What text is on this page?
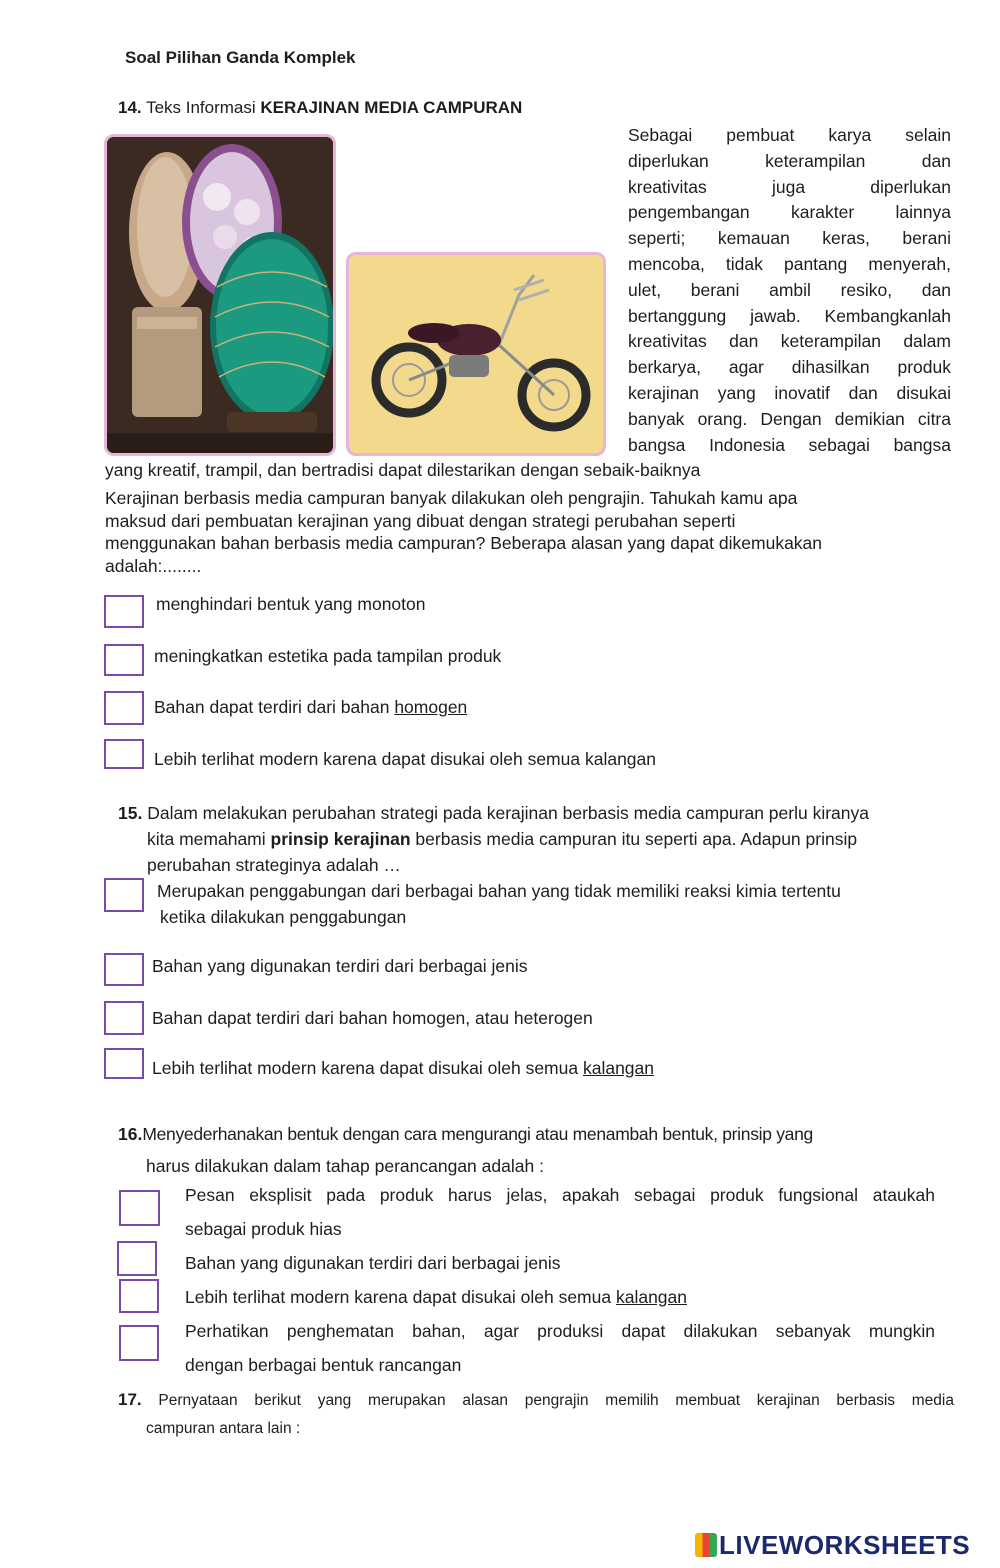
Soal Pilihan Ganda Komplek
14. Teks Informasi KERAJINAN MEDIA CAMPURAN
Sebagai pembuat karya selain
diperlukan keterampilan dan
kreativitas juga diperlukan
pengembangan karakter lainnya
seperti; kemauan keras, berani
mencoba, tidak pantang menyerah,
ulet, berani ambil resiko, dan
bertanggung jawab. Kembangkanlah
kreativitas dan keterampilan dalam
berkarya, agar dihasilkan produk
kerajinan yang inovatif dan disukai
banyak orang. Dengan demikian citra
bangsa Indonesia sebagai bangsa
yang kreatif, trampil, dan bertradisi dapat dilestarikan dengan sebaik-baiknya
Kerajinan berbasis media campuran banyak dilakukan oleh pengrajin. Tahukah kamu apa
maksud dari pembuatan kerajinan yang dibuat dengan strategi perubahan seperti
menggunakan bahan berbasis media campuran? Beberapa alasan yang dapat dikemukakan
adalah:........
menghindari bentuk yang monoton
meningkatkan estetika pada tampilan produk
Bahan dapat terdiri dari bahan homogen
Lebih terlihat modern karena dapat disukai oleh semua kalangan
15. Dalam melakukan perubahan strategi pada kerajinan berbasis media campuran perlu kiranya
kita memahami prinsip kerajinan berbasis media campuran itu seperti apa. Adapun prinsip
perubahan strateginya adalah …
Merupakan penggabungan dari berbagai bahan yang tidak memiliki reaksi kimia tertentu
ketika dilakukan penggabungan
Bahan yang digunakan terdiri dari berbagai jenis
Bahan dapat terdiri dari bahan homogen, atau heterogen
Lebih terlihat modern karena dapat disukai oleh semua kalangan
16.Menyederhanakan bentuk dengan cara mengurangi atau menambah bentuk, prinsip yang
harus dilakukan dalam tahap perancangan adalah :
Pesan eksplisit pada produk harus jelas, apakah sebagai produk fungsional ataukah
sebagai produk hias
Bahan yang digunakan terdiri dari berbagai jenis
Lebih terlihat modern karena dapat disukai oleh semua kalangan
Perhatikan penghematan bahan, agar produksi dapat dilakukan sebanyak mungkin
dengan berbagai bentuk rancangan
17. Pernyataan berikut yang merupakan alasan pengrajin memilih membuat kerajinan berbasis media
campuran antara lain :
LIVEWORKSHEETS
